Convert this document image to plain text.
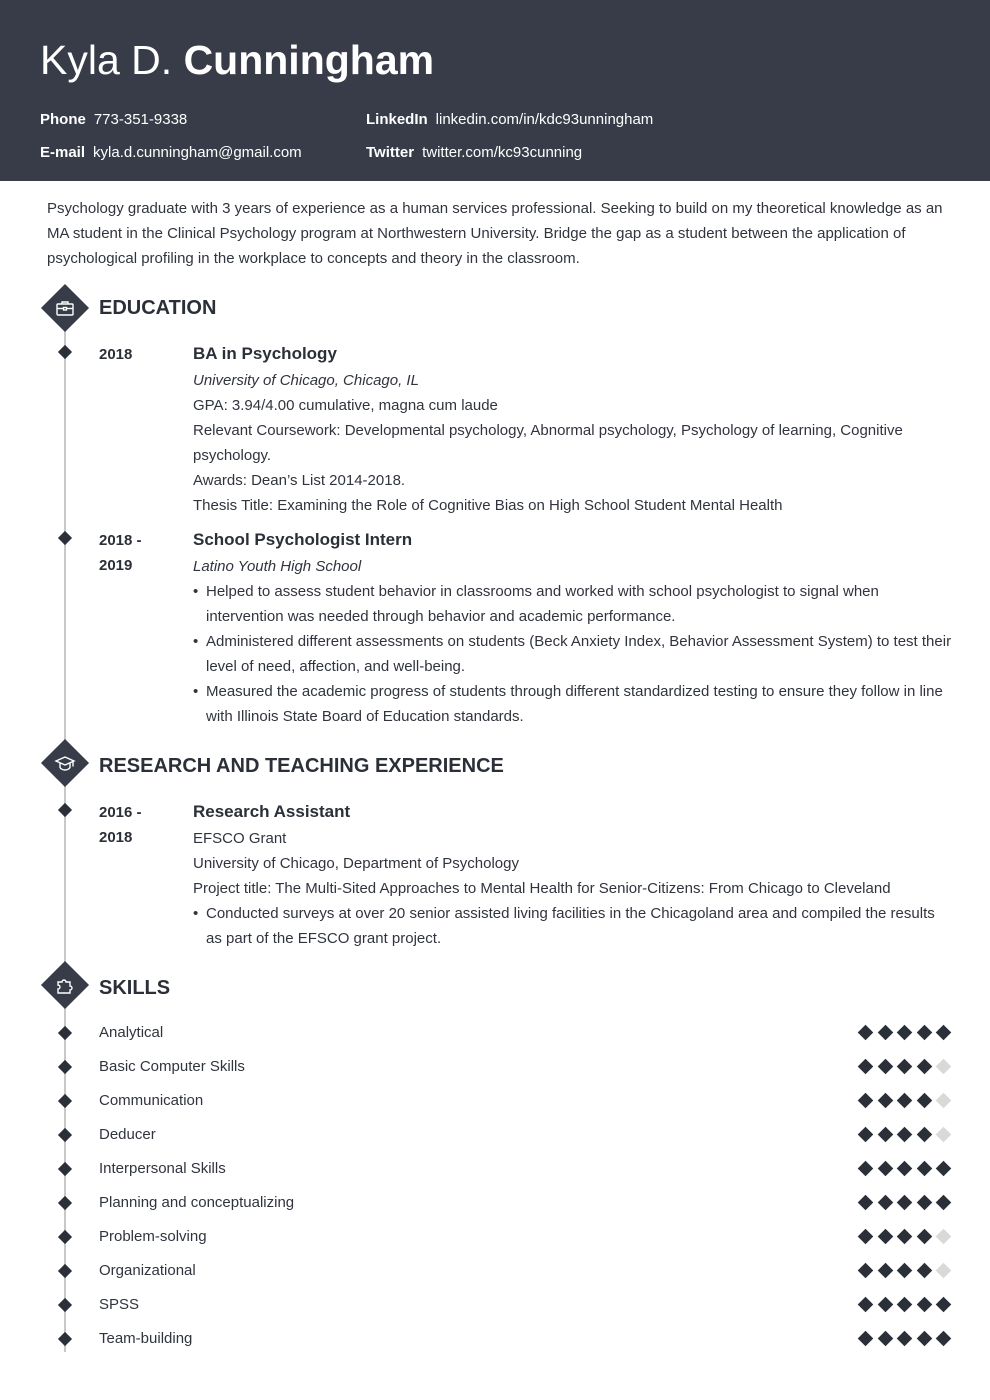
Kyla D. Cunningham
Phone 773-351-9338
E-mail kyla.d.cunningham@gmail.com
LinkedIn linkedin.com/in/kdc93unningham
Twitter twitter.com/kc93cunning

Psychology graduate with 3 years of experience as a human services professional. Seeking to build on my theoretical knowledge as an MA student in the Clinical Psychology program at Northwestern University. Bridge the gap as a student between the application of psychological profiling in the workplace to concepts and theory in the classroom.

EDUCATION
2018	BA in Psychology
University of Chicago, Chicago, IL
GPA: 3.94/4.00 cumulative, magna cum laude
Relevant Coursework: Developmental psychology, Abnormal psychology, Psychology of learning, Cognitive psychology.
Awards: Dean’s List 2014-2018.
Thesis Title: Examining the Role of Cognitive Bias on High School Student Mental Health
2018 - 2019
School Psychologist Intern
Latino Youth High School
• Helped to assess student behavior in classrooms and worked with school psychologist to signal when intervention was needed through behavior and academic performance.
• Administered different assessments on students (Beck Anxiety Index, Behavior Assessment System) to test their level of need, affection, and well-being.
• Measured the academic progress of students through different standardized testing to ensure they follow in line with Illinois State Board of Education standards.
RESEARCH AND TEACHING EXPERIENCE
2016 - 2018
Research Assistant
EFSCO Grant
University of Chicago, Department of Psychology
Project title: The Multi-Sited Approaches to Mental Health for Senior-Citizens: From Chicago to Cleveland
• Conducted surveys at over 20 senior assisted living facilities in the Chicagoland area and compiled the results as part of the EFSCO grant project.
SKILLS
Analytical
Basic Computer Skills
Communication
Deducer
Interpersonal Skills
Planning and conceptualizing
Problem-solving
Organizational
SPSS
Team-building
